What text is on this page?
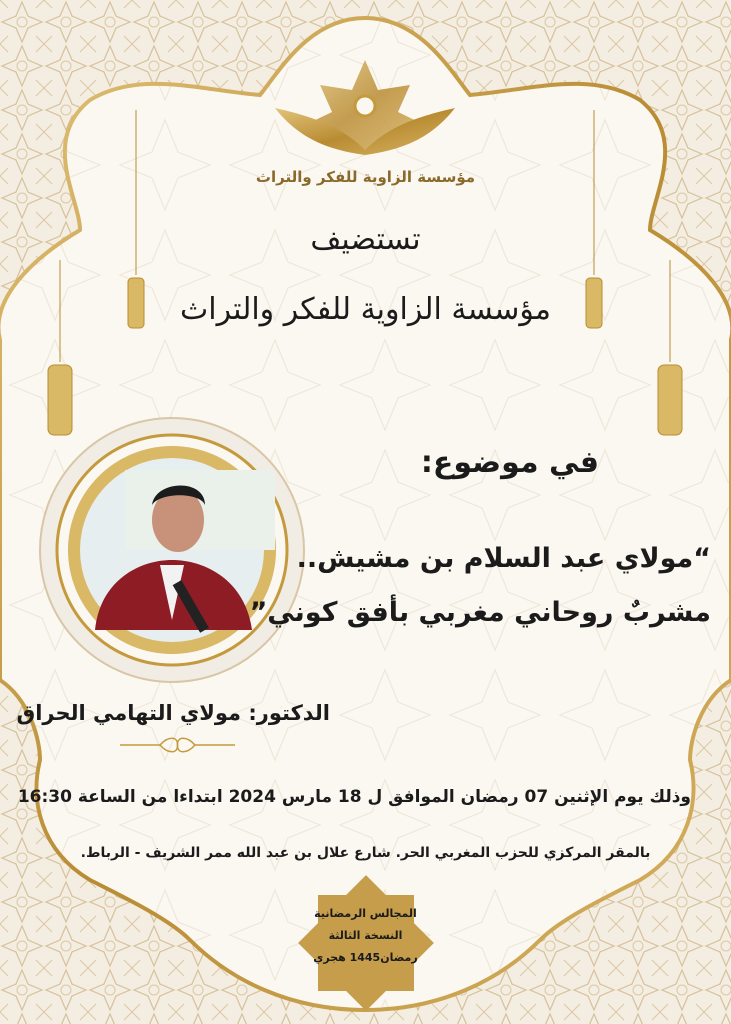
مؤسسة الزاوية للفكر والتراث
تستضيف
مؤسسة الزاوية للفكر والتراث
في موضوع:
“مولاي عبد السلام بن مشيش..
مشربٌ روحاني مغربي بأفق كوني”
الدكتور: مولاي التهامي الحراق
وذلك يوم الإثنين 07 رمضان الموافق ل 18 مارس 2024 ابتداءا من الساعة 16:30
بالمقر المركزي للحزب المغربي الحر. شارع علال بن عبد الله ممر الشريف - الرباط.
المجالس الرمضانية
النسخة الثالثة
رمضان1445 هجري
